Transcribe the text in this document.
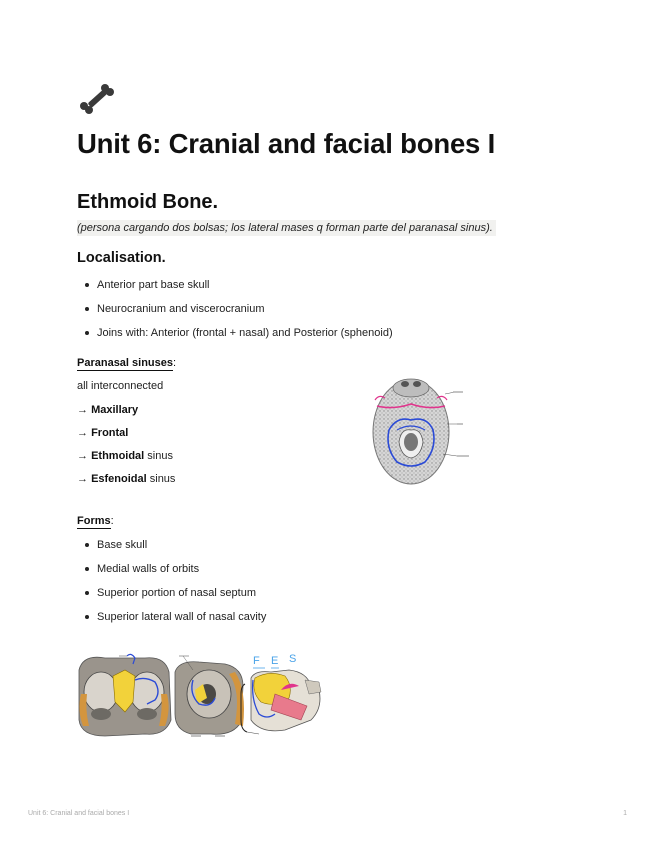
Unit 6: Cranial and facial bones I
Ethmoid Bone.
(persona cargando dos bolsas; los lateral mases q forman parte del paranasal sinus).
Localisation.
Anterior part base skull
Neurocranium and viscerocranium
Joins with: Anterior (frontal + nasal) and Posterior (sphenoid)
Paranasal sinuses:
all interconnected
→ Maxillary
→ Frontal
→ Ethmoidal sinus
→ Esfenoidal sinus
Forms:
Base skull
Medial walls of orbits
Superior portion of nasal septum
Superior lateral wall of nasal cavity
F E S
Unit 6: Cranial and facial bones I	1
